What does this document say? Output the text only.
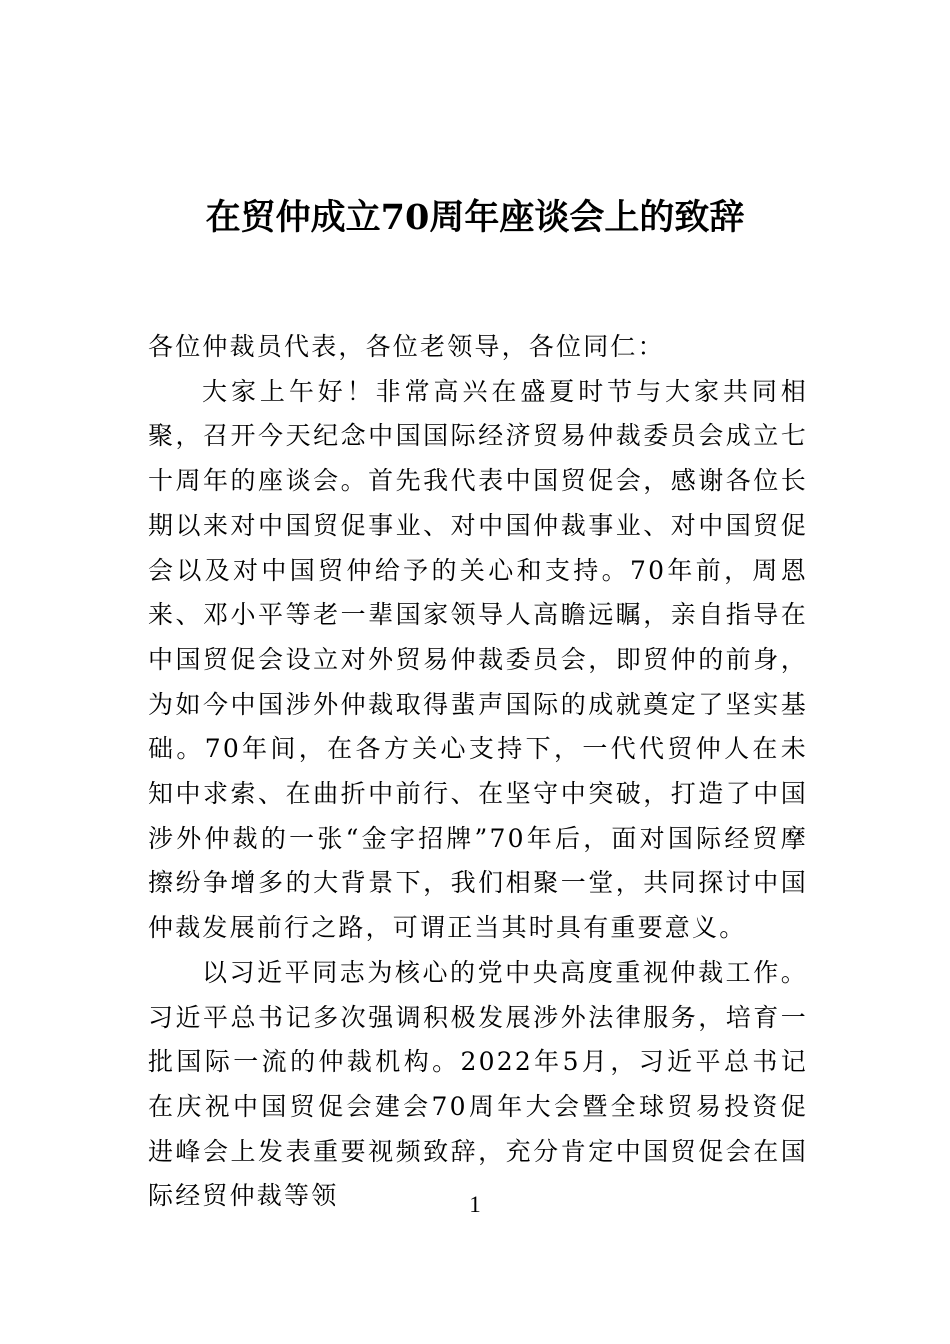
在贸仲成立70周年座谈会上的致辞

各位仲裁员代表，各位老领导，各位同仁：

大家上午好！非常高兴在盛夏时节与大家共同相聚，召开今天纪念中国国际经济贸易仲裁委员会成立七十周年的座谈会。首先我代表中国贸促会，感谢各位长期以来对中国贸促事业、对中国仲裁事业、对中国贸促会以及对中国贸仲给予的关心和支持。70年前，周恩来、邓小平等老一辈国家领导人高瞻远瞩，亲自指导在中国贸促会设立对外贸易仲裁委员会，即贸仲的前身，为如今中国涉外仲裁取得蜚声国际的成就奠定了坚实基础。70年间，在各方关心支持下，一代代贸仲人在未知中求索、在曲折中前行、在坚守中突破，打造了中国涉外仲裁的一张“金字招牌”70年后，面对国际经贸摩擦纷争增多的大背景下，我们相聚一堂，共同探讨中国仲裁发展前行之路，可谓正当其时具有重要意义。

以习近平同志为核心的党中央高度重视仲裁工作。习近平总书记多次强调积极发展涉外法律服务，培育一批国际一流的仲裁机构。2022年5月，习近平总书记在庆祝中国贸促会建会70周年大会暨全球贸易投资促进峰会上发表重要视频致辞，充分肯定中国贸促会在国际经贸仲裁等领	1
